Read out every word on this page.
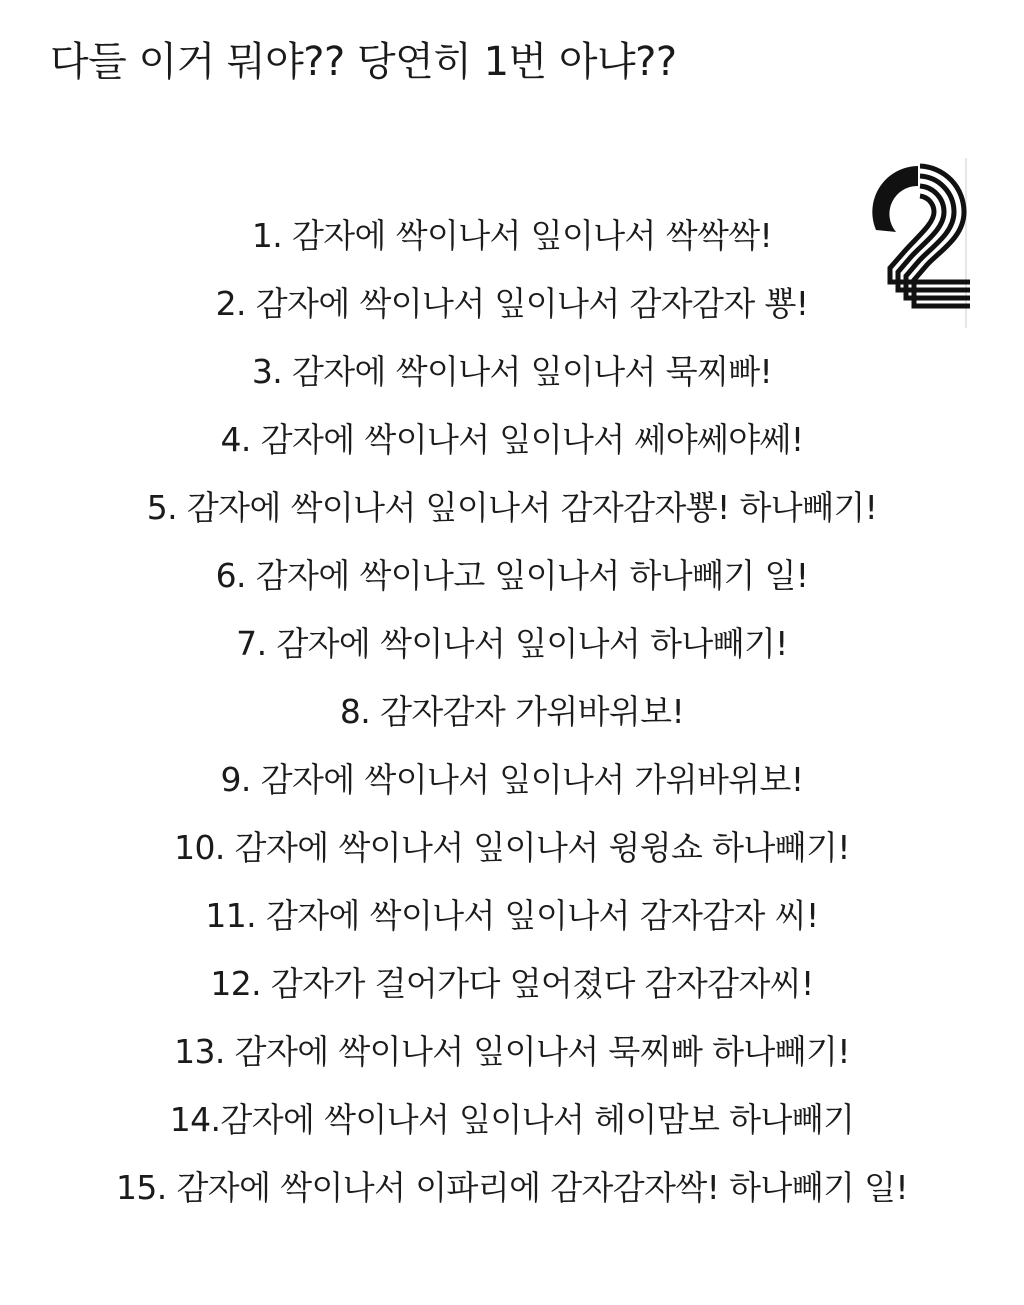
다들 이거 뭐야?? 당연히 1번 아냐??
1. 감자에 싹이나서 잎이나서 싹싹싹!
2. 감자에 싹이나서 잎이나서 감자감자 뿅!
3. 감자에 싹이나서 잎이나서 묵찌빠!
4. 감자에 싹이나서 잎이나서 쎄야쎄야쎄!
5. 감자에 싹이나서 잎이나서 감자감자뿅! 하나빼기!
6. 감자에 싹이나고 잎이나서 하나빼기 일!
7. 감자에 싹이나서 잎이나서 하나빼기!
8. 감자감자 가위바위보!
9. 감자에 싹이나서 잎이나서 가위바위보!
10. 감자에 싹이나서 잎이나서 윙윙쇼 하나빼기!
11. 감자에 싹이나서 잎이나서 감자감자 씨!
12. 감자가 걸어가다 엎어졌다 감자감자씨!
13. 감자에 싹이나서 잎이나서 묵찌빠 하나빼기!
14.감자에 싹이나서 잎이나서 헤이맘보 하나빼기
15. 감자에 싹이나서 이파리에 감자감자싹! 하나빼기 일!
